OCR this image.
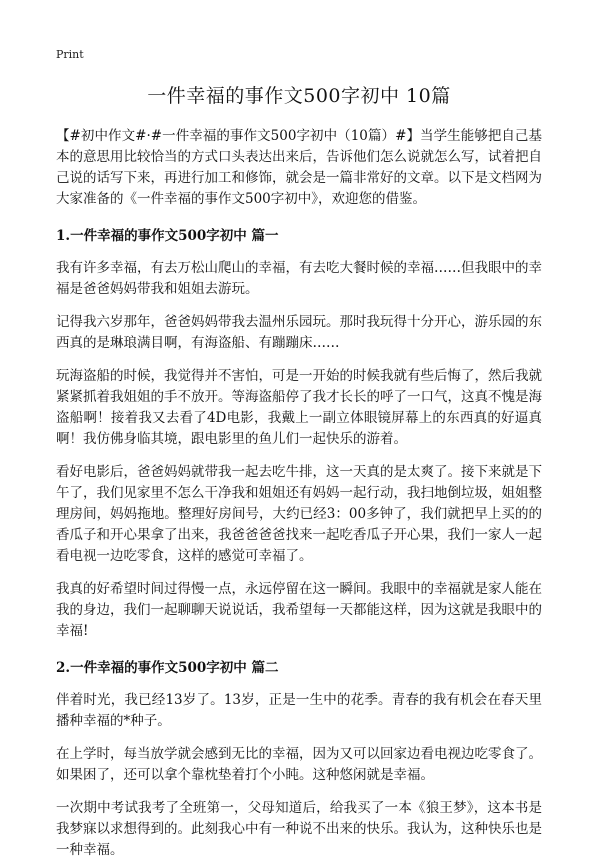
Print
一件幸福的事作文500字初中 10篇

【#初中作文#·#一件幸福的事作文500字初中（10篇）#】当学生能够把自己基本的意思用比较恰当的方式口头表达出来后，告诉他们怎么说就怎么写，试着把自己说的话写下来，再进行加工和修饰，就会是一篇非常好的文章。以下是文档网为大家准备的《一件幸福的事作文500字初中》，欢迎您的借鉴。

1.一件幸福的事作文500字初中 篇一

我有许多幸福，有去万松山爬山的幸福，有去吃大餐时候的幸福……但我眼中的幸福是爸爸妈妈带我和姐姐去游玩。

记得我六岁那年，爸爸妈妈带我去温州乐园玩。那时我玩得十分开心，游乐园的东西真的是琳琅满目啊，有海盗船、有蹦蹦床……

玩海盗船的时候，我觉得并不害怕，可是一开始的时候我就有些后悔了，然后我就紧紧抓着我姐姐的手不放开。等海盗船停了我才长长的呼了一口气，这真不愧是海盗船啊！接着我又去看了4D电影，我戴上一副立体眼镜屏幕上的东西真的好逼真啊！我仿佛身临其境，跟电影里的鱼儿们一起快乐的游着。

看好电影后，爸爸妈妈就带我一起去吃牛排，这一天真的是太爽了。接下来就是下午了，我们见家里不怎么干净我和姐姐还有妈妈一起行动，我扫地倒垃圾，姐姐整理房间，妈妈拖地。整理好房间号，大约已经3：00多钟了，我们就把早上买的的香瓜子和开心果拿了出来，我爸爸爸爸找来一起吃香瓜子开心果，我们一家人一起看电视一边吃零食，这样的感觉可幸福了。

我真的好希望时间过得慢一点，永远停留在这一瞬间。我眼中的幸福就是家人能在我的身边，我们一起聊聊天说说话，我希望每一天都能这样，因为这就是我眼中的幸福!

2.一件幸福的事作文500字初中 篇二

伴着时光，我已经13岁了。13岁，正是一生中的花季。青春的我有机会在春天里播种幸福的*种子。

在上学时，每当放学就会感到无比的幸福，因为又可以回家边看电视边吃零食了。如果困了，还可以拿个靠枕垫着打个小盹。这种悠闲就是幸福。

一次期中考试我考了全班第一，父母知道后，给我买了一本《狼王梦》，这本书是我梦寐以求想得到的。此刻我心中有一种说不出来的快乐。我认为，这种快乐也是一种幸福。
